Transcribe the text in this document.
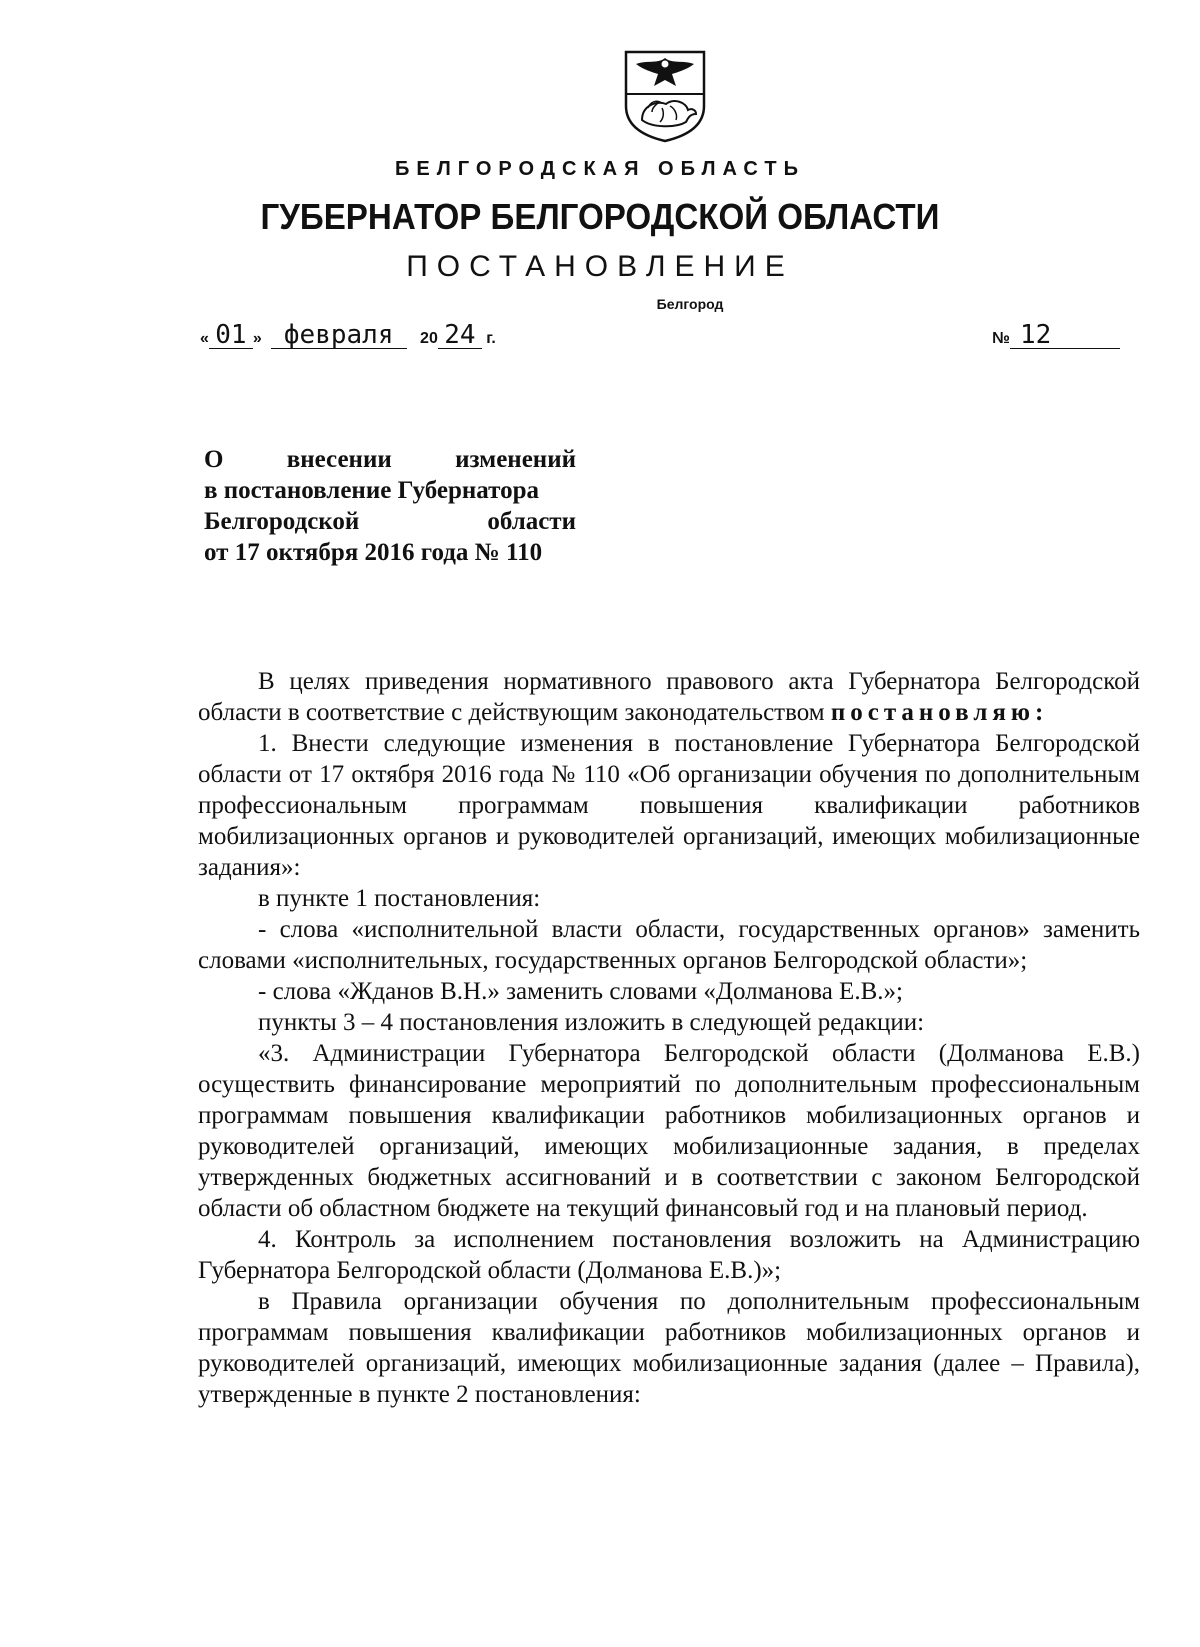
БЕЛГОРОДСКАЯ ОБЛАСТЬ
ГУБЕРНАТОР БЕЛГОРОДСКОЙ ОБЛАСТИ
ПОСТАНОВЛЕНИЕ
Белгород
« 01 » февраля 20 24 г.	№ 12
О	внесении	изменений
в постановление Губернатора
Белгородской	области
от 17 октября 2016 года № 110

В целях приведения нормативного правового акта Губернатора Белгородской области в соответствие с действующим законодательством постановляю:

1. Внести следующие изменения в постановление Губернатора Белгородской области от 17 октября 2016 года № 110 «Об организации обучения по дополнительным профессиональным программам повышения квалификации работников мобилизационных органов и руководителей организаций, имеющих мобилизационные задания»:

в пункте 1 постановления:

- слова «исполнительной власти области, государственных органов» заменить словами «исполнительных, государственных органов Белгородской области»;

- слова «Жданов В.Н.» заменить словами «Долманова Е.В.»;

пункты 3 – 4 постановления изложить в следующей редакции:

«3. Администрации Губернатора Белгородской области (Долманова Е.В.) осуществить финансирование мероприятий по дополнительным профессиональным программам повышения квалификации работников мобилизационных органов и руководителей организаций, имеющих мобилизационные задания, в пределах утвержденных бюджетных ассигнований и в соответствии с законом Белгородской области об областном бюджете на текущий финансовый год и на плановый период.

4. Контроль за исполнением постановления возложить на Администрацию Губернатора Белгородской области (Долманова Е.В.)»;

в Правила организации обучения по дополнительным профессиональным программам повышения квалификации работников мобилизационных органов и руководителей организаций, имеющих мобилизационные задания (далее – Правила), утвержденные в пункте 2 постановления:
